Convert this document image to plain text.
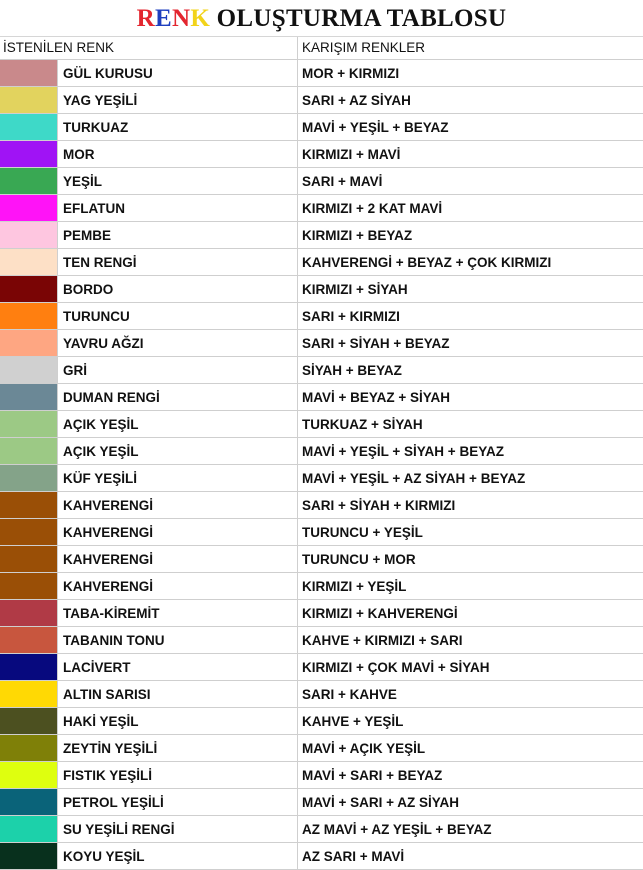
RENK OLUŞTURMA TABLOSU
İSTENİLEN RENK	KARIŞIM RENKLER
GÜL KURUSU	MOR + KIRMIZI
YAG YEŞİLİ	SARI + AZ SİYAH
TURKUAZ	MAVİ + YEŞİL + BEYAZ
MOR	KIRMIZI + MAVİ
YEŞİL	SARI + MAVİ
EFLATUN	KIRMIZI + 2 KAT MAVİ
PEMBE	KIRMIZI + BEYAZ
TEN RENGİ	KAHVERENGİ + BEYAZ + ÇOK KIRMIZI
BORDO	KIRMIZI + SİYAH
TURUNCU	SARI + KIRMIZI
YAVRU AĞZI	SARI + SİYAH + BEYAZ
GRİ	SİYAH + BEYAZ
DUMAN RENGİ	MAVİ + BEYAZ + SİYAH
AÇIK YEŞİL	TURKUAZ + SİYAH
AÇIK YEŞİL	MAVİ + YEŞİL + SİYAH + BEYAZ
KÜF YEŞİLİ	MAVİ + YEŞİL + AZ SİYAH + BEYAZ
KAHVERENGİ	SARI + SİYAH + KIRMIZI
KAHVERENGİ	TURUNCU + YEŞİL
KAHVERENGİ	TURUNCU + MOR
KAHVERENGİ	KIRMIZI + YEŞİL
TABA-KİREMİT	KIRMIZI + KAHVERENGİ
TABANIN TONU	KAHVE + KIRMIZI + SARI
LACİVERT	KIRMIZI + ÇOK MAVİ + SİYAH
ALTIN SARISI	SARI + KAHVE
HAKİ YEŞİL	KAHVE + YEŞİL
ZEYTİN YEŞİLİ	MAVİ + AÇIK YEŞİL
FISTIK YEŞİLİ	MAVİ + SARI + BEYAZ
PETROL YEŞİLİ	MAVİ + SARI + AZ SİYAH
SU YEŞİLİ RENGİ	AZ MAVİ + AZ YEŞİL + BEYAZ
KOYU YEŞİL	AZ SARI + MAVİ
